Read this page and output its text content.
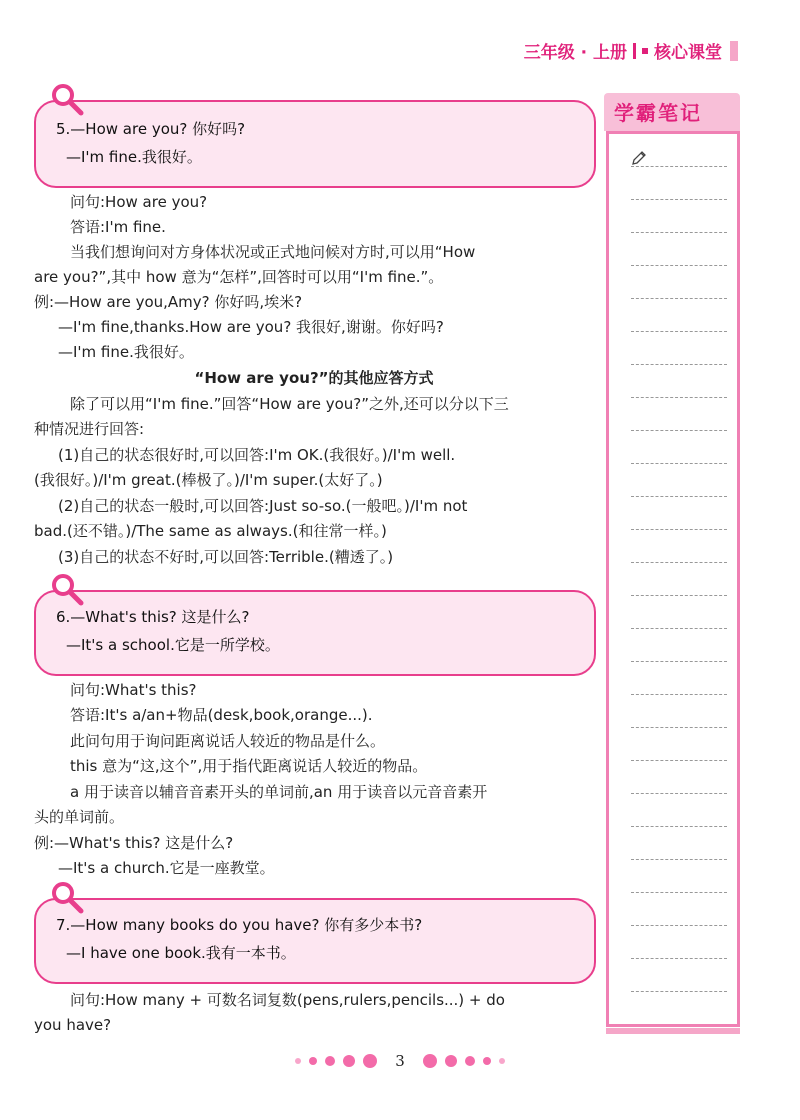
三年级 · 上册 核心课堂
5.—How are you? 你好吗?
—I'm fine.我很好。
问句:How are you?
答语:I'm fine.
当我们想询问对方身体状况或正式地问候对方时,可以用“How
are you?”,其中 how 意为“怎样”,回答时可以用“I'm fine.”。
例:—How are you,Amy? 你好吗,埃米?
—I'm fine,thanks.How are you? 我很好,谢谢。你好吗?
—I'm fine.我很好。
“How are you?”的其他应答方式
除了可以用“I'm fine.”回答“How are you?”之外,还可以分以下三
种情况进行回答:
(1)自己的状态很好时,可以回答:I'm OK.(我很好。)/I'm well.
(我很好。)/I'm great.(棒极了。)/I'm super.(太好了。)
(2)自己的状态一般时,可以回答:Just so-so.(一般吧。)/I'm not
bad.(还不错。)/The same as always.(和往常一样。)
(3)自己的状态不好时,可以回答:Terrible.(糟透了。)
6.—What's this? 这是什么?
—It's a school.它是一所学校。
问句:What's this?
答语:It's a/an+物品(desk,book,orange...).
此问句用于询问距离说话人较近的物品是什么。
this 意为“这,这个”,用于指代距离说话人较近的物品。
a 用于读音以辅音音素开头的单词前,an 用于读音以元音音素开
头的单词前。
例:—What's this? 这是什么?
—It's a church.它是一座教堂。
7.—How many books do you have? 你有多少本书?
—I have one book.我有一本书。
问句:How many + 可数名词复数(pens,rulers,pencils...) + do
you have?
学霸笔记
3
